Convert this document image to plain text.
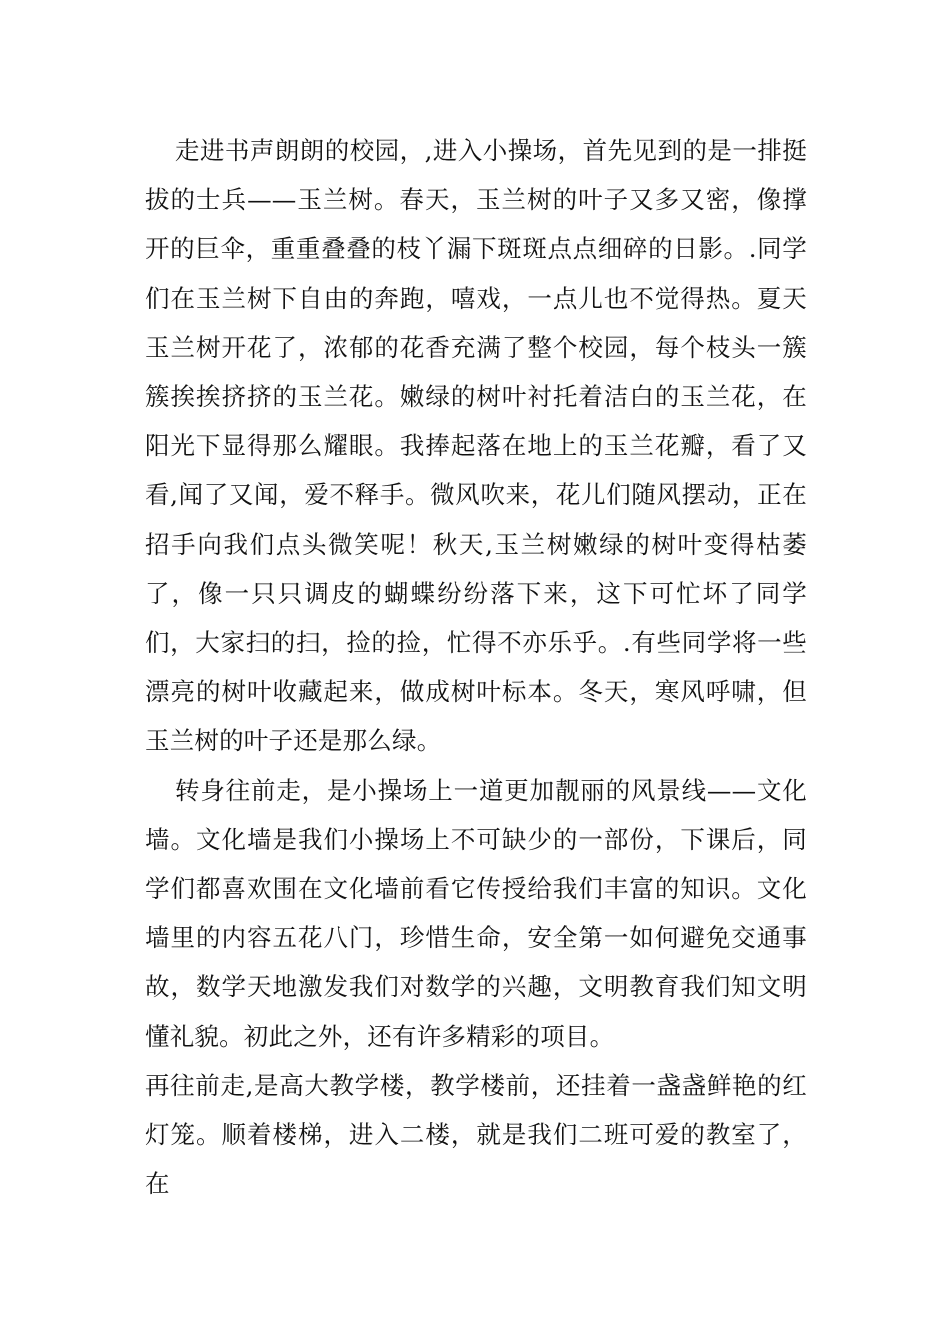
走进书声朗朗的校园，,进入小操场，首先见到的是一排挺拔的士兵——玉兰树。春天，玉兰树的叶子又多又密，像撑开的巨伞，重重叠叠的枝丫漏下斑斑点点细碎的日影。.同学们在玉兰树下自由的奔跑，嘻戏，一点儿也不觉得热。夏天玉兰树开花了，浓郁的花香充满了整个校园，每个枝头一簇簇挨挨挤挤的玉兰花。嫩绿的树叶衬托着洁白的玉兰花，在阳光下显得那么耀眼。我捧起落在地上的玉兰花瓣，看了又看,闻了又闻，爱不释手。微风吹来，花儿们随风摆动，正在招手向我们点头微笑呢！秋天,玉兰树嫩绿的树叶变得枯萎了，像一只只调皮的蝴蝶纷纷落下来，这下可忙坏了同学们，大家扫的扫，捡的捡，忙得不亦乐乎。.有些同学将一些漂亮的树叶收藏起来，做成树叶标本。冬天，寒风呼啸，但玉兰树的叶子还是那么绿。

转身往前走，是小操场上一道更加靓丽的风景线——文化墙。文化墙是我们小操场上不可缺少的一部份，下课后，同学们都喜欢围在文化墙前看它传授给我们丰富的知识。文化墙里的内容五花八门，珍惜生命，安全第一如何避免交通事故，数学天地激发我们对数学的兴趣，文明教育我们知文明懂礼貌。初此之外，还有许多精彩的项目。

再往前走,是高大教学楼，教学楼前，还挂着一盏盏鲜艳的红灯笼。顺着楼梯，进入二楼，就是我们二班可爱的教室了，在
